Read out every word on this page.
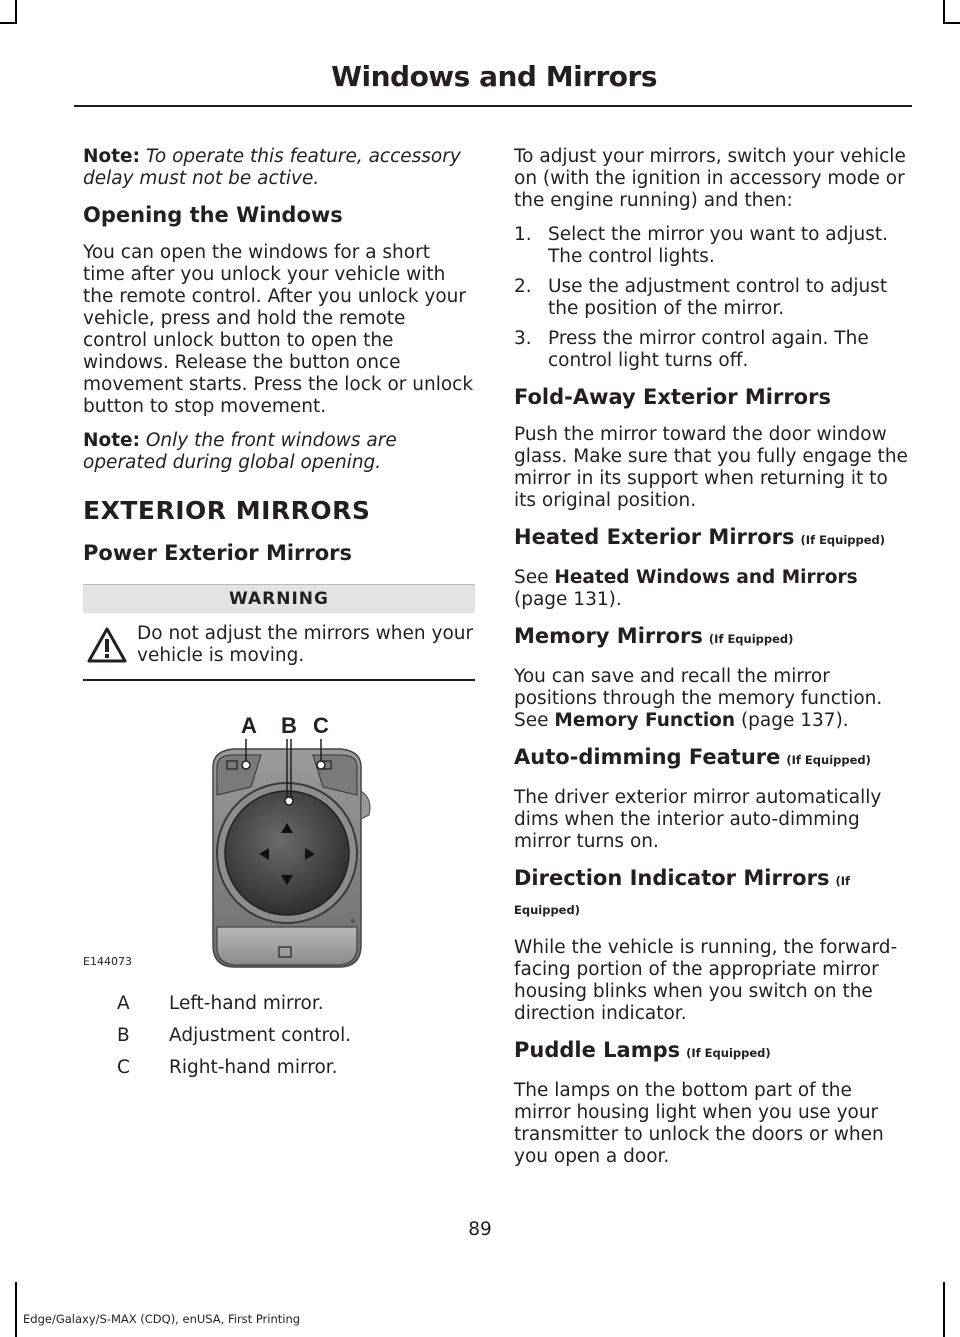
Windows and Mirrors

Note: To operate this feature, accessory delay must not be active.

Opening the Windows

You can open the windows for a short time after you unlock your vehicle with the remote control. After you unlock your vehicle, press and hold the remote control unlock button to open the windows. Release the button once movement starts. Press the lock or unlock button to stop movement.

Note: Only the front windows are operated during global opening.

EXTERIOR MIRRORS
Power Exterior Mirrors
WARNING
Do not adjust the mirrors when your vehicle is moving.
A B C
E144073
A	Left-hand mirror.
B	Adjustment control.
C	Right-hand mirror.

To adjust your mirrors, switch your vehicle on (with the ignition in accessory mode or the engine running) and then:

1. Select the mirror you want to adjust. The control lights.
2. Use the adjustment control to adjust the position of the mirror.
3. Press the mirror control again. The control light turns off.
Fold-Away Exterior Mirrors

Push the mirror toward the door window glass. Make sure that you fully engage the mirror in its support when returning it to its original position.

Heated Exterior Mirrors (If Equipped)

See Heated Windows and Mirrors (page 131).

Memory Mirrors (If Equipped)

You can save and recall the mirror positions through the memory function. See Memory Function (page 137).

Auto-dimming Feature (If Equipped)

The driver exterior mirror automatically dims when the interior auto-dimming mirror turns on.

Direction Indicator Mirrors (If Equipped)

While the vehicle is running, the forward-facing portion of the appropriate mirror housing blinks when you switch on the direction indicator.

Puddle Lamps (If Equipped)

The lamps on the bottom part of the mirror housing light when you use your transmitter to unlock the doors or when you open a door.

89
Edge/Galaxy/S-MAX (CDQ), enUSA, First Printing
